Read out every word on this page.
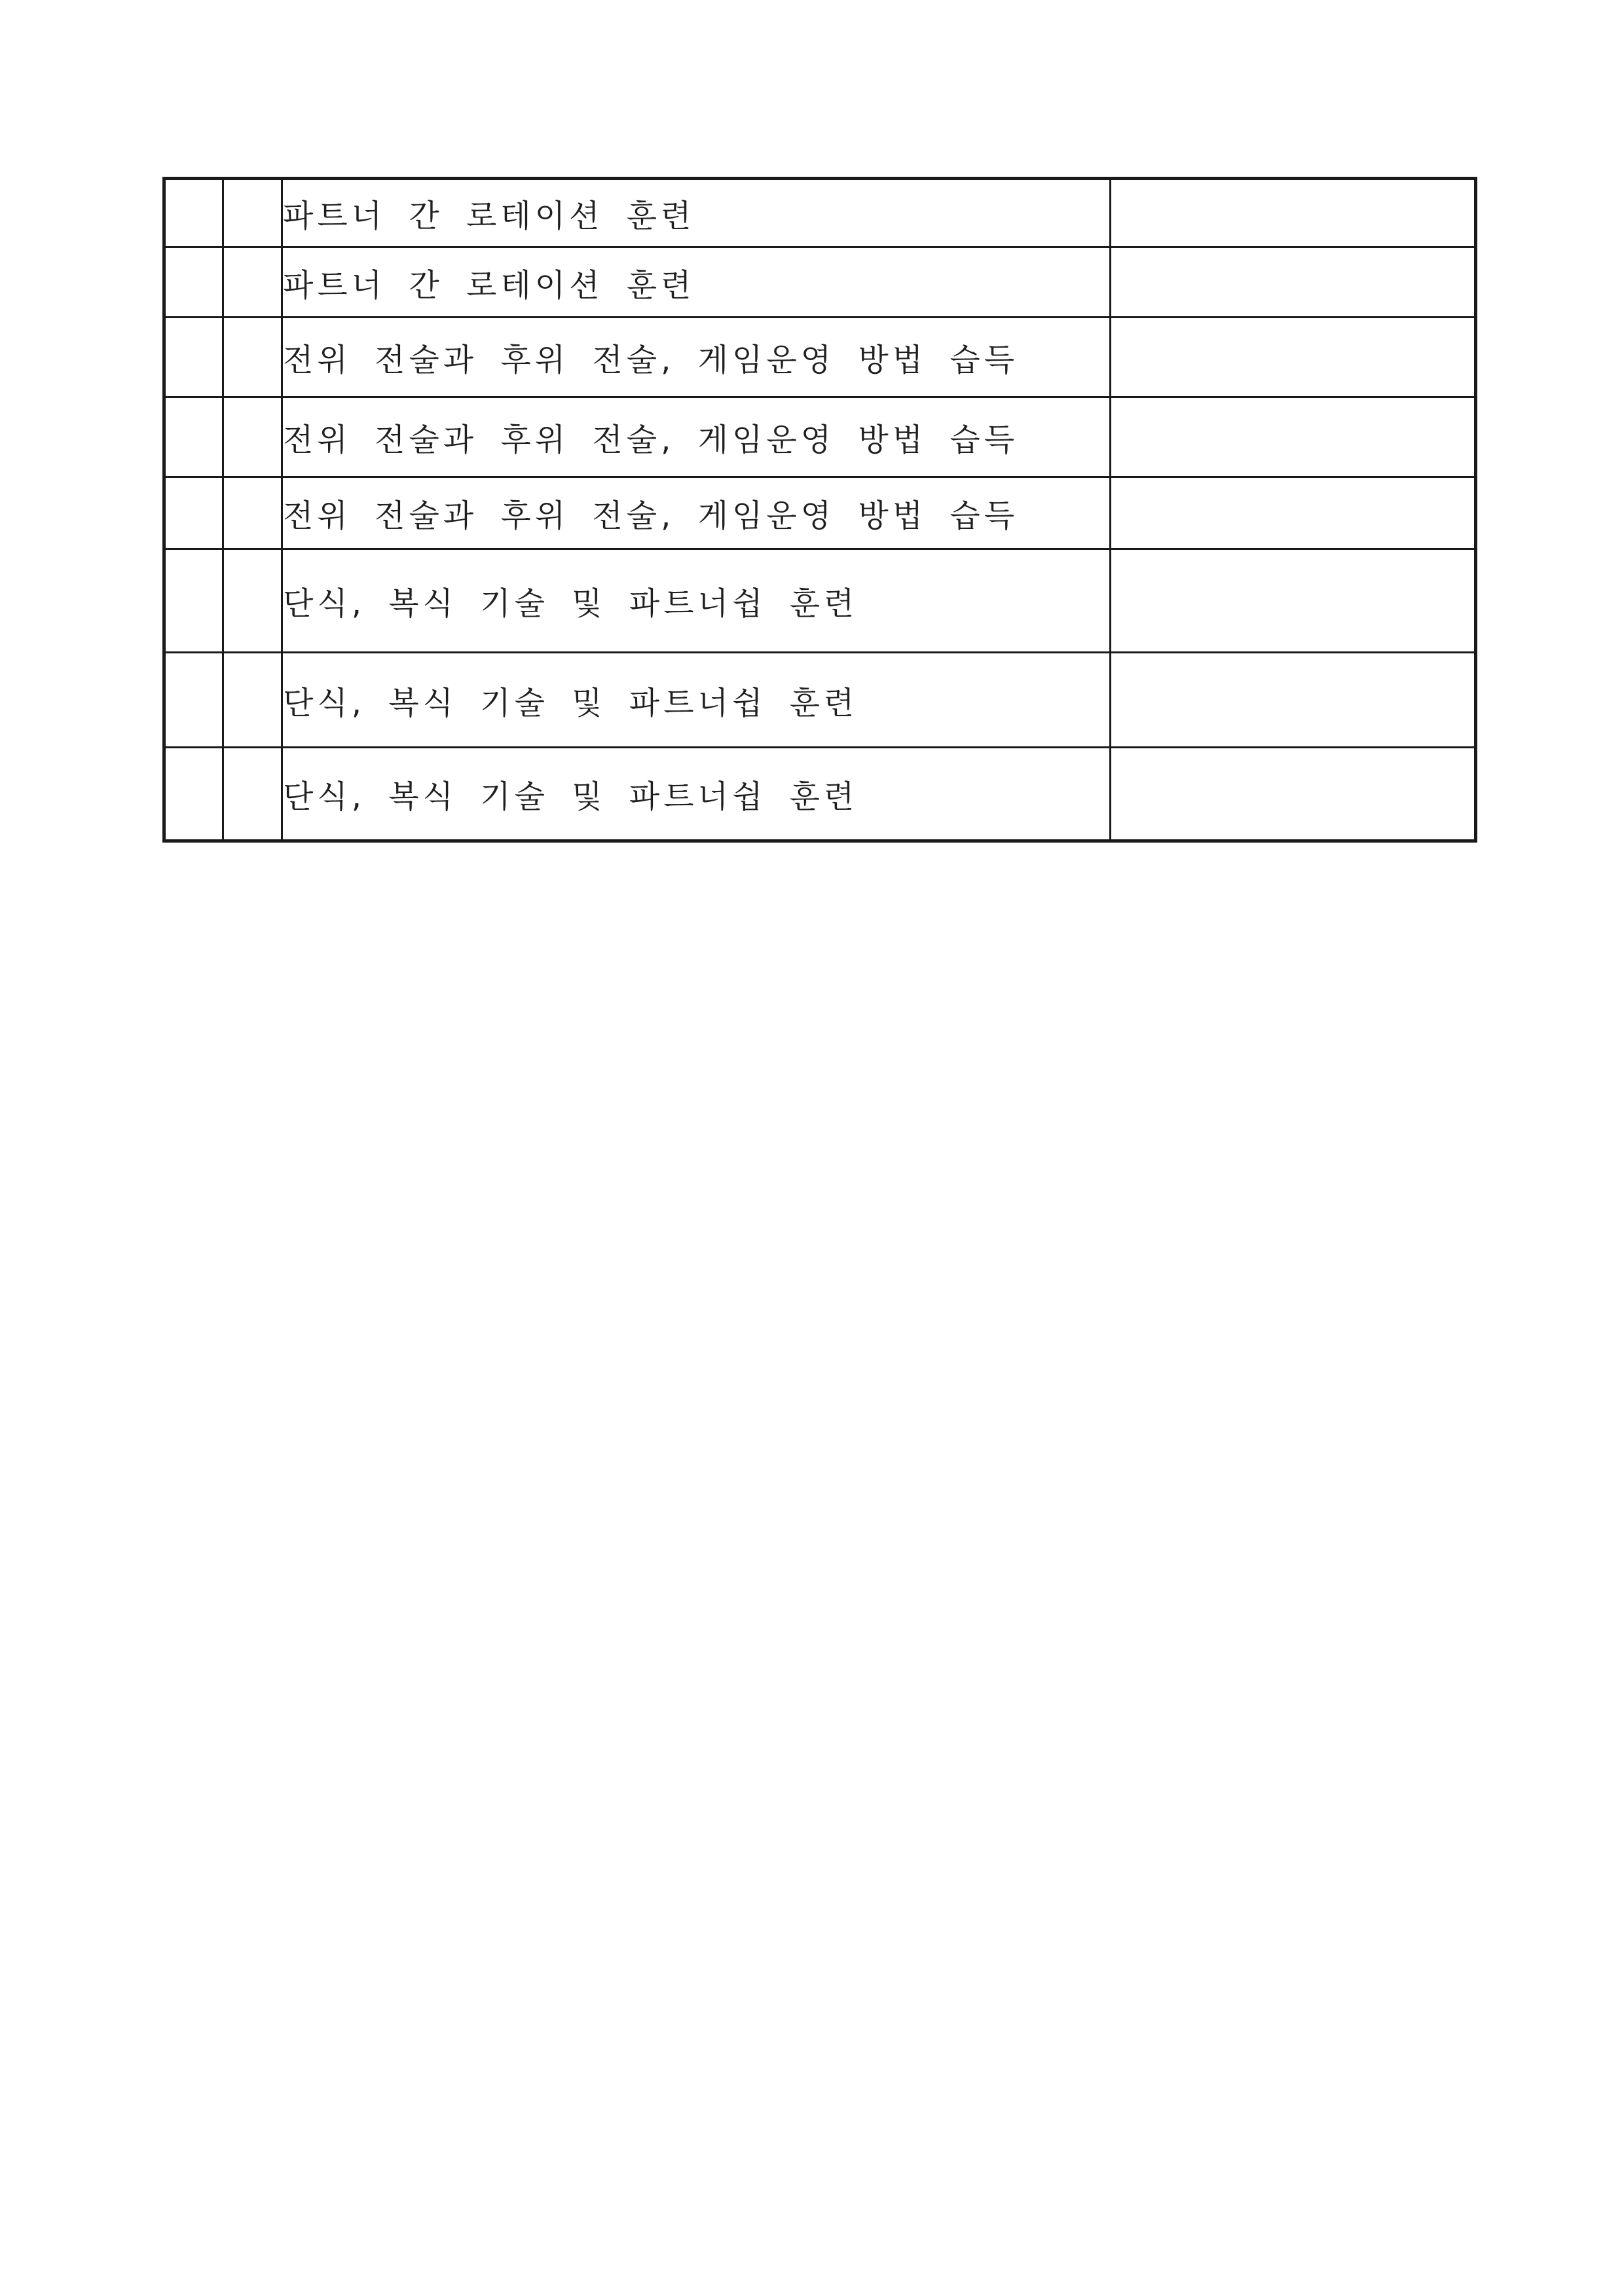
		파트너 간 로테이션 훈련	
		파트너 간 로테이션 훈련	
		전위 전술과 후위 전술, 게임운영 방법 습득	
		전위 전술과 후위 전술, 게임운영 방법 습득	
		전위 전술과 후위 전술, 게임운영 방법 습득	
		단식, 복식 기술 및 파트너쉽 훈련	
		단식, 복식 기술 및 파트너쉽 훈련	
		단식, 복식 기술 및 파트너쉽 훈련	
